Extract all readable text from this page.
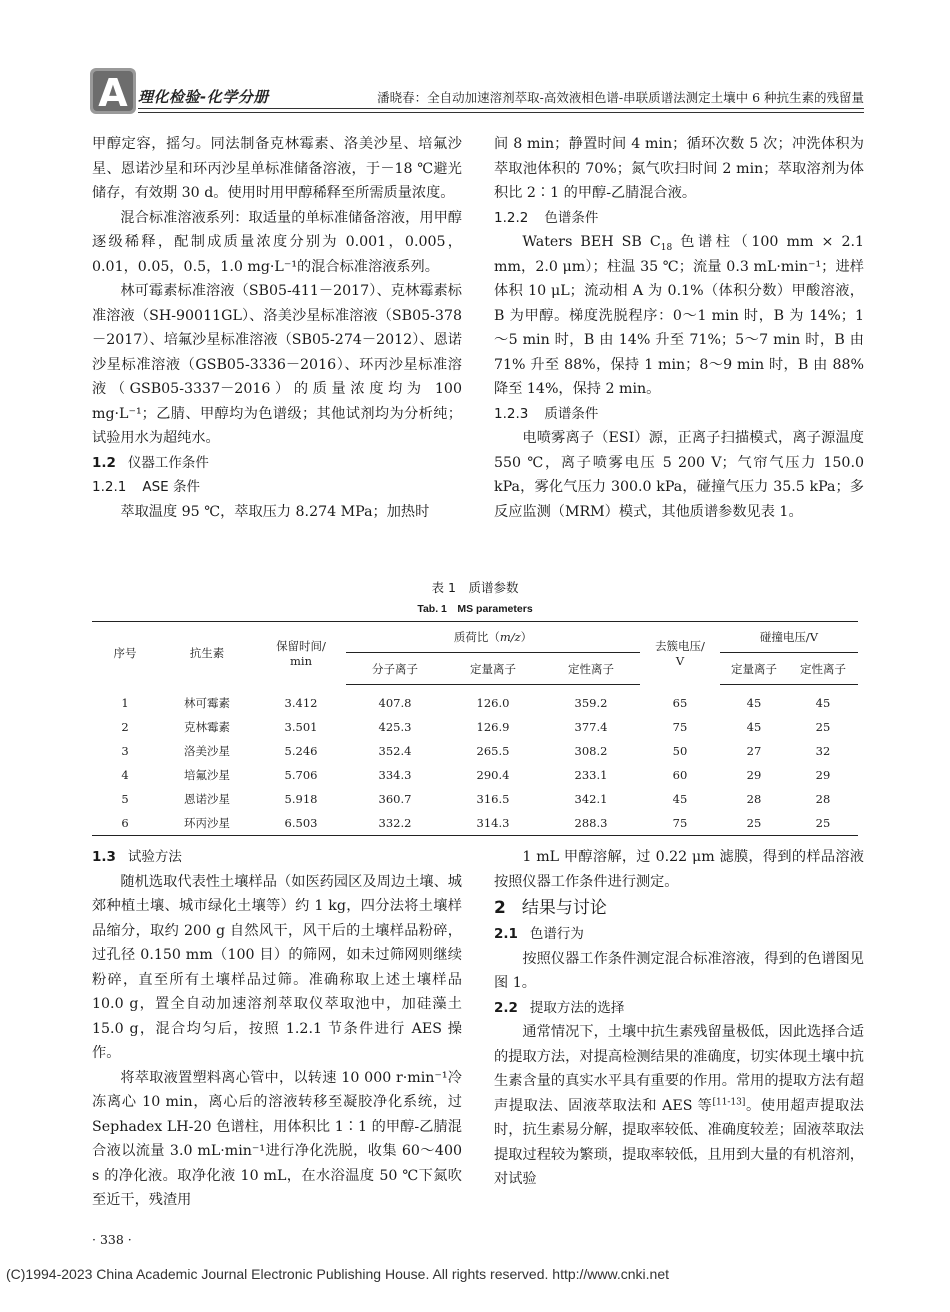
A 理化检验-化学分册	潘晓春：全自动加速溶剂萃取-高效液相色谱-串联质谱法测定土壤中 6 种抗生素的残留量

甲醇定容，摇匀。同法制备克林霉素、洛美沙星、培氟沙星、恩诺沙星和环丙沙星单标准储备溶液，于－18 ℃避光储存，有效期 30 d。使用时用甲醇稀释至所需质量浓度。

混合标准溶液系列：取适量的单标准储备溶液，用甲醇逐级稀释，配制成质量浓度分别为 0.001，0.005，0.01，0.05，0.5，1.0 mg·L⁻¹的混合标准溶液系列。

林可霉素标准溶液（SB05-411－2017）、克林霉素标准溶液（SH-90011GL）、洛美沙星标准溶液（SB05-378－2017）、培氟沙星标准溶液（SB05-274－2012）、恩诺沙星标准溶液（GSB05-3336－2016）、环丙沙星标准溶液（GSB05-3337－2016）的质量浓度均为 100 mg·L⁻¹；乙腈、甲醇均为色谱级；其他试剂均为分析纯；试验用水为超纯水。

1.2 仪器工作条件

1.2.1 ASE 条件

萃取温度 95 ℃，萃取压力 8.274 MPa；加热时

间 8 min；静置时间 4 min；循环次数 5 次；冲洗体积为萃取池体积的 70%；氮气吹扫时间 2 min；萃取溶剂为体积比 2∶1 的甲醇-乙腈混合液。

1.2.2 色谱条件

Waters BEH SB $C_{18}$ 色谱柱（100 mm × 2.1 mm，2.0 μm）；柱温 35 ℃；流量 0.3 mL·min⁻¹；进样体积 10 μL；流动相 A 为 0.1%（体积分数）甲酸溶液，B 为甲醇。梯度洗脱程序：0～1 min 时，B 为 14%；1～5 min 时，B 由 14% 升至 71%；5～7 min 时，B 由 71% 升至 88%，保持 1 min；8～9 min 时，B 由 88% 降至 14%，保持 2 min。

1.2.3 质谱条件

电喷雾离子（ESI）源，正离子扫描模式，离子源温度 550 ℃，离子喷雾电压 5 200 V；气帘气压力 150.0 kPa，雾化气压力 300.0 kPa，碰撞气压力 35.5 kPa；多反应监测（MRM）模式，其他质谱参数见表 1。

表 1　质谱参数
Tab. 1　MS parameters
序号	抗生素	保留时间/
min	质荷比（m/z）			去簇电压/
V	碰撞电压/V	
			分子离子	定量离子	定性离子		定量离子	定性离子
1	林可霉素	3.412	407.8	126.0	359.2	65	45	45
2	克林霉素	3.501	425.3	126.9	377.4	75	45	25
3	洛美沙星	5.246	352.4	265.5	308.2	50	27	32
4	培氟沙星	5.706	334.3	290.4	233.1	60	29	29
5	恩诺沙星	5.918	360.7	316.5	342.1	45	28	28
6	环丙沙星	6.503	332.2	314.3	288.3	75	25	25

1.3 试验方法

随机选取代表性土壤样品（如医药园区及周边土壤、城郊种植土壤、城市绿化土壤等）约 1 kg，四分法将土壤样品缩分，取约 200 g 自然风干，风干后的土壤样品粉碎，过孔径 0.150 mm（100 目）的筛网，如未过筛网则继续粉碎，直至所有土壤样品过筛。准确称取上述土壤样品 10.0 g，置全自动加速溶剂萃取仪萃取池中，加硅藻土 15.0 g，混合均匀后，按照 1.2.1 节条件进行 AES 操作。

将萃取液置塑料离心管中，以转速 10 000 r·min⁻¹冷冻离心 10 min，离心后的溶液转移至凝胶净化系统，过 Sephadex LH-20 色谱柱，用体积比 1∶1 的甲醇-乙腈混合液以流量 3.0 mL·min⁻¹进行净化洗脱，收集 60～400 s 的净化液。取净化液 10 mL，在水浴温度 50 ℃下氮吹至近干，残渣用

1 mL 甲醇溶解，过 0.22 μm 滤膜，得到的样品溶液按照仪器工作条件进行测定。

2 结果与讨论

2.1 色谱行为

按照仪器工作条件测定混合标准溶液，得到的色谱图见图 1。

2.2 提取方法的选择

通常情况下，土壤中抗生素残留量极低，因此选择合适的提取方法，对提高检测结果的准确度，切实体现土壤中抗生素含量的真实水平具有重要的作用。常用的提取方法有超声提取法、固液萃取法和 AES 等[11-13]。使用超声提取法时，抗生素易分解，提取率较低、准确度较差；固液萃取法提取过程较为繁琐，提取率较低，且用到大量的有机溶剂，对试验

· 338 ·
(C)1994-2023 China Academic Journal Electronic Publishing House. All rights reserved. http://www.cnki.net
